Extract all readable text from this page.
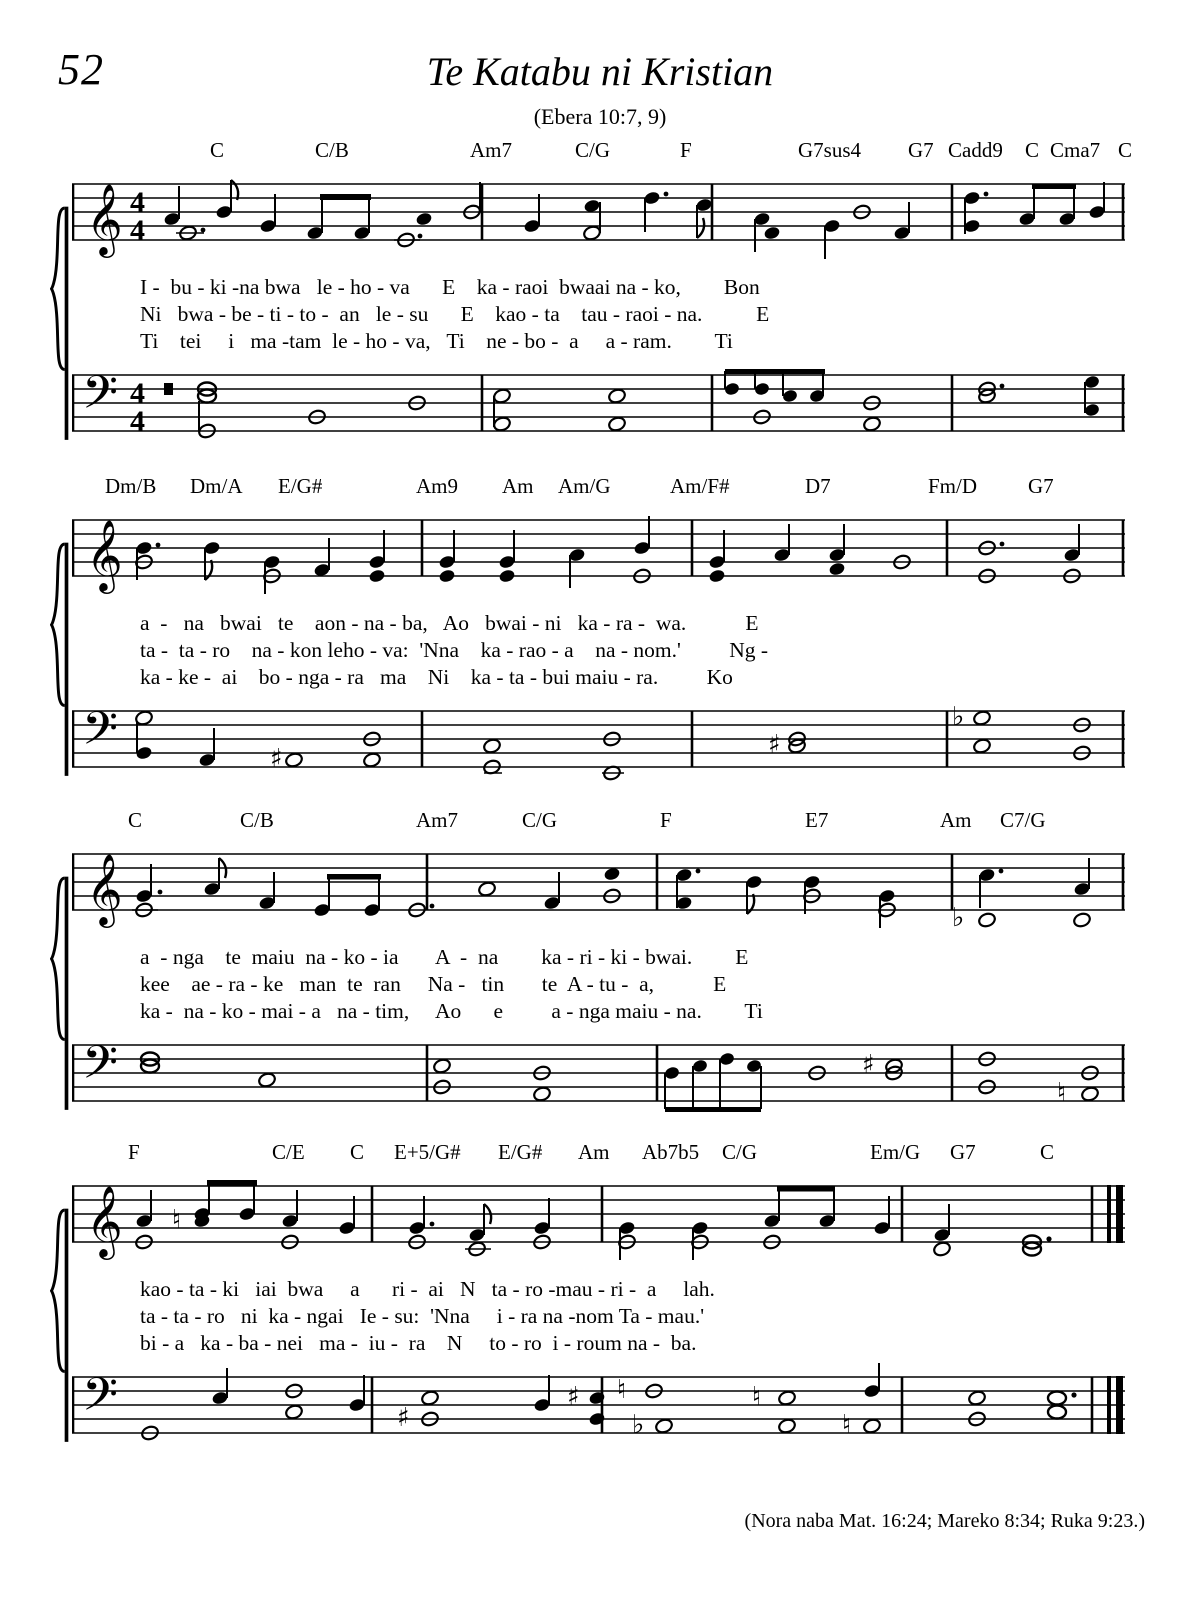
52	Te Katabu ni Kristian
(Ebera 10:7, 9)
C	C/B	Am7	C/G	F	G7sus4 G7 Cadd9 C Cma7 C
𝄞 4
4
I -  bu - ki -na bwa   le - ho - va      E    ka - raoi  bwaai na - ko,        Bon
Ni   bwa - be - ti - to -  an   le - su      E    kao - ta    tau - raoi - na.          E
Ti    tei     i   ma -tam  le - ho - va,   Ti    ne - bo -  a     a - ram.        Ti
𝄢 4
4
Dm/B Dm/A E/G#	Am9 Am Am/G	Am/F#	D7	Fm/D G7
𝄞
a  -   na   bwai   te    aon - na - ba,   Ao   bwai - ni   ka - ra -  wa.           E
ta -  ta - ro    na - kon leho - va:  'Nna    ka - rao - a    na - nom.'         Ng -
ka - ke -  ai    bo - nga - ra   ma    Ni    ka - ta - bui maiu - ra.         Ko
𝄢	♯	♯
♭
C	C/B	Am7	C/G	F	E7	Am C7/G
𝄞	♭
a  - nga    te  maiu  na - ko - ia       A  -  na        ka - ri - ki - bwai.        E
kee    ae - ra - ke   man  te  ran     Na -   tin       te  A - tu -  a,           E
ka -  na - ko - mai - a   na - tim,     Ao      e         a - nga maiu - na.        Ti
𝄢	♯
♮
F	C/E C E+5/G# E/G# Am Ab7b5 C/G	Em/G G7	C
𝄞 ♮
kao - ta - ki   iai  bwa     a      ri -  ai   N   ta - ro -mau - ri -  a     lah.
ta - ta - ro   ni  ka - ngai   Ie - su:  'Nna     i - ra na -nom Ta - mau.'
bi - a   ka - ba - nei   ma -  iu -  ra    N     to - ro  i - roum na -  ba.
𝄢	♯
♯ ♮
♭
♮
♮
(Nora naba Mat. 16:24; Mareko 8:34; Ruka 9:23.)
